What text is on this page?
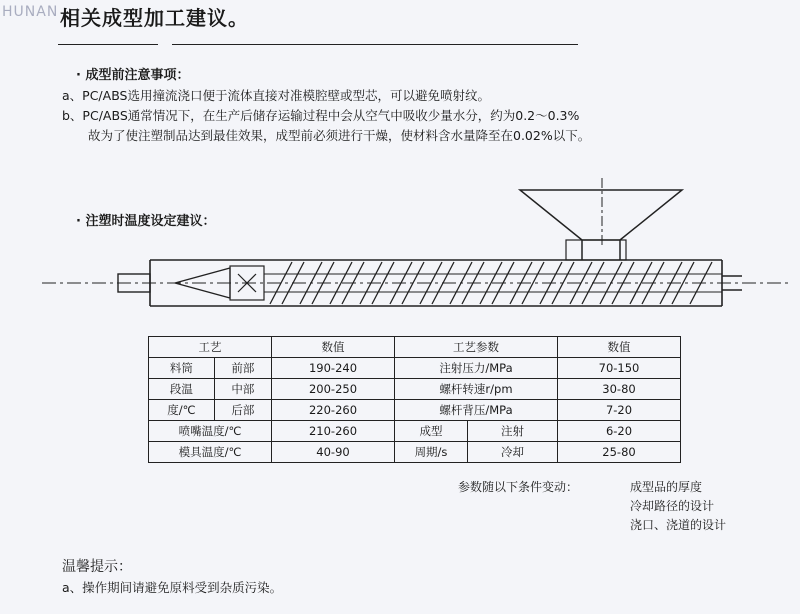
HUNAN 相关成型加工建议。
· 成型前注意事项：
a、PC/ABS选用撞流浇口便于流体直接对准模腔壁或型芯，可以避免喷射纹。
b、PC/ABS通常情况下，在生产后储存运输过程中会从空气中吸收少量水分，约为0.2～0.3%
故为了使注塑制品达到最佳效果，成型前必须进行干燥，使材料含水量降至在0.02%以下。
· 注塑时温度设定建议：
工艺		数值	工艺参数		数值
料筒	前部	190-240	注射压力/MPa		70-150
段温	中部	200-250	螺杆转速r/pm		30-80
度/℃	后部	220-260	螺杆背压/MPa		7-20
喷嘴温度/℃		210-260	成型	注射	6-20
模具温度/℃		40-90	周期/s	冷却	25-80
参数随以下条件变动：	成型品的厚度
冷却路径的设计
浇口、浇道的设计
温馨提示：
a、操作期间请避免原料受到杂质污染。
